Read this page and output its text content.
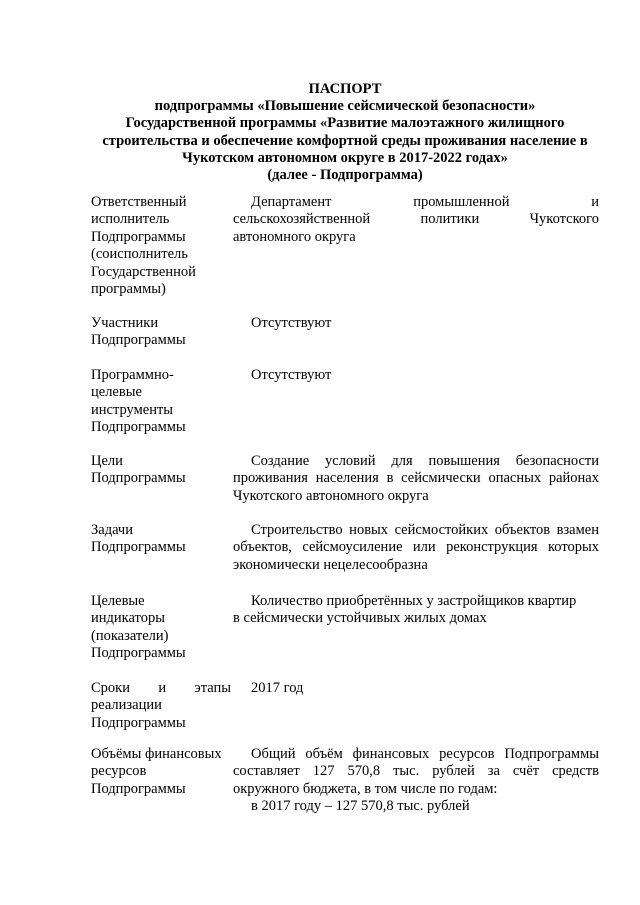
ПАСПОРТ
подпрограммы «Повышение сейсмической безопасности»
Государственной программы «Развитие малоэтажного жилищного
строительства и обеспечение комфортной среды проживания население в
Чукотском автономном округе в 2017-2022 годах»
(далее - Подпрограмма)
Ответственный
исполнитель
Подпрограммы
(соисполнитель
Государственной
программы)
Департамент промышленной и
сельскохозяйственной политики Чукотского
автономного округа
Участники
Подпрограммы
Отсутствуют
Программно-
целевые
инструменты
Подпрограммы
Отсутствуют
Цели
Подпрограммы
Создание условий для повышения безопасности проживания населения в сейсмически опасных районах Чукотского автономного округа
Задачи
Подпрограммы
Строительство новых сейсмостойких объектов взамен объектов, сейсмоусиление или реконструкция которых экономически нецелесообразна
Целевые
индикаторы
(показатели)
Подпрограммы
Количество приобретённых у застройщиков квартир
в сейсмически устойчивых жилых домах
Сроки и этапы
реализации
Подпрограммы
2017 год
Объёмы финансовых
ресурсов
Подпрограммы
Общий объём финансовых ресурсов Подпрограммы составляет 127 570,8 тыс. рублей за счёт средств окружного бюджета, в том числе по годам:
в 2017 году – 127 570,8 тыс. рублей
